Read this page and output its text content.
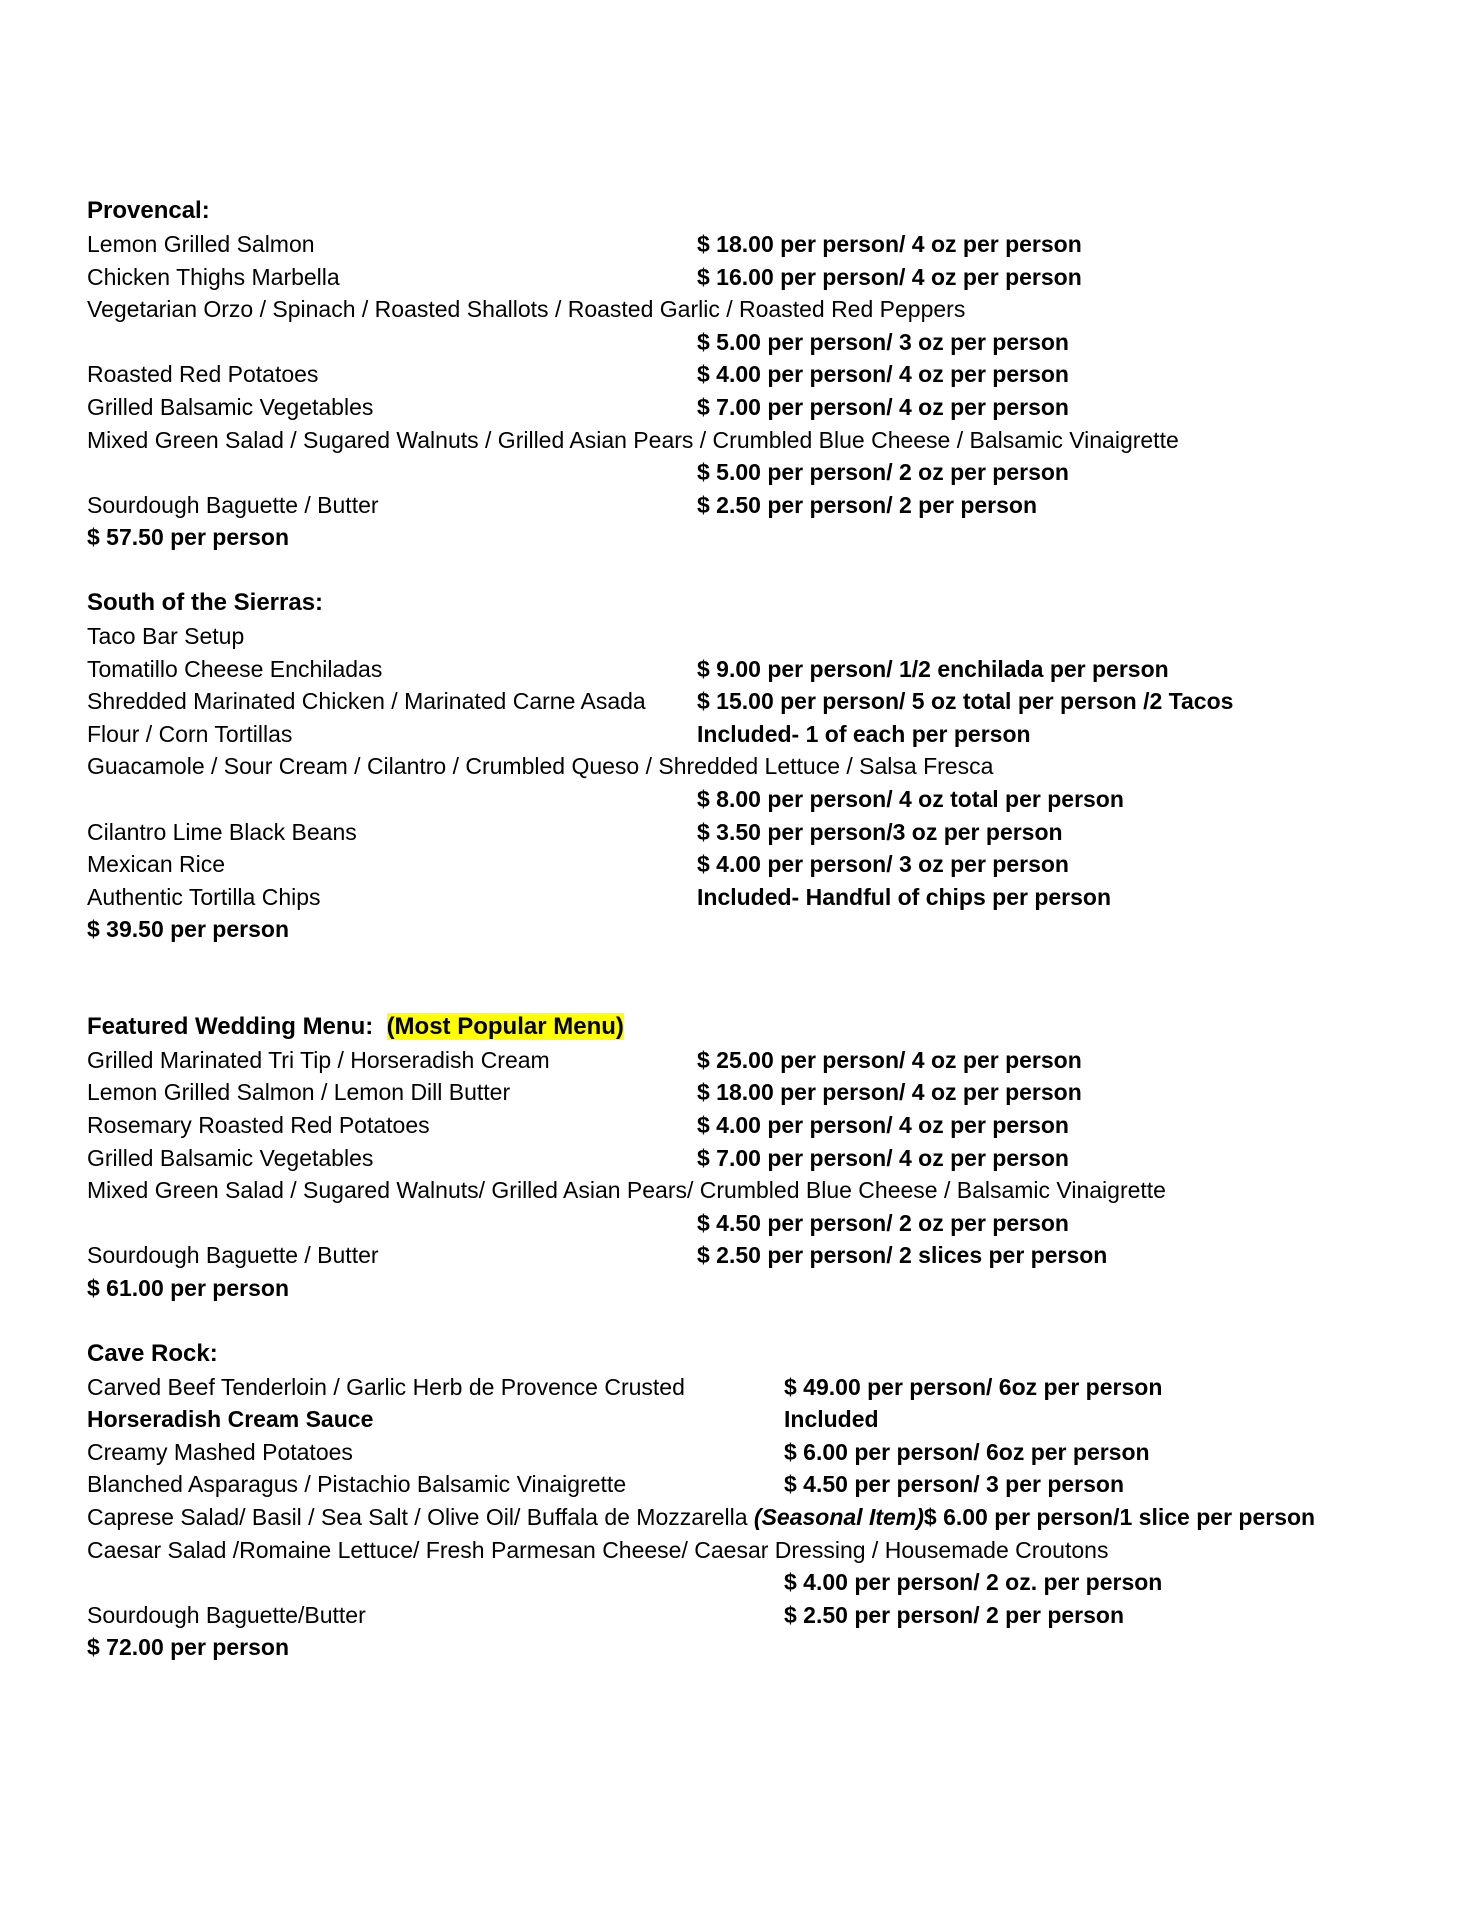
Provencal:
Lemon Grilled Salmon	$ 18.00 per person/ 4 oz per person
Chicken Thighs Marbella	$ 16.00 per person/ 4 oz per person
Vegetarian Orzo / Spinach / Roasted Shallots / Roasted Garlic / Roasted Red Peppers
$ 5.00 per person/ 3 oz per person
Roasted Red Potatoes	$ 4.00 per person/ 4 oz per person
Grilled Balsamic Vegetables	$ 7.00 per person/ 4 oz per person
Mixed Green Salad / Sugared Walnuts / Grilled Asian Pears / Crumbled Blue Cheese / Balsamic Vinaigrette
$ 5.00 per person/ 2 oz per person
Sourdough Baguette / Butter	$ 2.50 per person/ 2 per person
$ 57.50 per person
South of the Sierras:
Taco Bar Setup
Tomatillo Cheese Enchiladas	$ 9.00 per person/ 1/2 enchilada per person
Shredded Marinated Chicken / Marinated Carne Asada $ 15.00 per person/ 5 oz total per person /2 Tacos
Flour / Corn Tortillas	Included- 1 of each per person
Guacamole / Sour Cream / Cilantro / Crumbled Queso / Shredded Lettuce / Salsa Fresca
$ 8.00 per person/ 4 oz total per person
Cilantro Lime Black Beans	$ 3.50 per person/3 oz per person
Mexican Rice	$ 4.00 per person/ 3 oz per person
Authentic Tortilla Chips	Included- Handful of chips per person
$ 39.50 per person
Featured Wedding Menu: (Most Popular Menu)
Grilled Marinated Tri Tip / Horseradish Cream	$ 25.00 per person/ 4 oz per person
Lemon Grilled Salmon / Lemon Dill Butter	$ 18.00 per person/ 4 oz per person
Rosemary Roasted Red Potatoes	$ 4.00 per person/ 4 oz per person
Grilled Balsamic Vegetables	$ 7.00 per person/ 4 oz per person
Mixed Green Salad / Sugared Walnuts/ Grilled Asian Pears/ Crumbled Blue Cheese / Balsamic Vinaigrette
$ 4.50 per person/ 2 oz per person
Sourdough Baguette / Butter	$ 2.50 per person/ 2 slices per person
$ 61.00 per person
Cave Rock:
Carved Beef Tenderloin / Garlic Herb de Provence Crusted	$ 49.00 per person/ 6oz per person
Horseradish Cream Sauce	Included
Creamy Mashed Potatoes	$ 6.00 per person/ 6oz per person
Blanched Asparagus / Pistachio Balsamic Vinaigrette	$ 4.50 per person/ 3 per person
Caprese Salad/ Basil / Sea Salt / Olive Oil/ Buffala de Mozzarella (Seasonal Item)$ 6.00 per person/1 slice per person
Caesar Salad /Romaine Lettuce/ Fresh Parmesan Cheese/ Caesar Dressing / Housemade Croutons
$ 4.00 per person/ 2 oz. per person
Sourdough Baguette/Butter	$ 2.50 per person/ 2 per person
$ 72.00 per person
